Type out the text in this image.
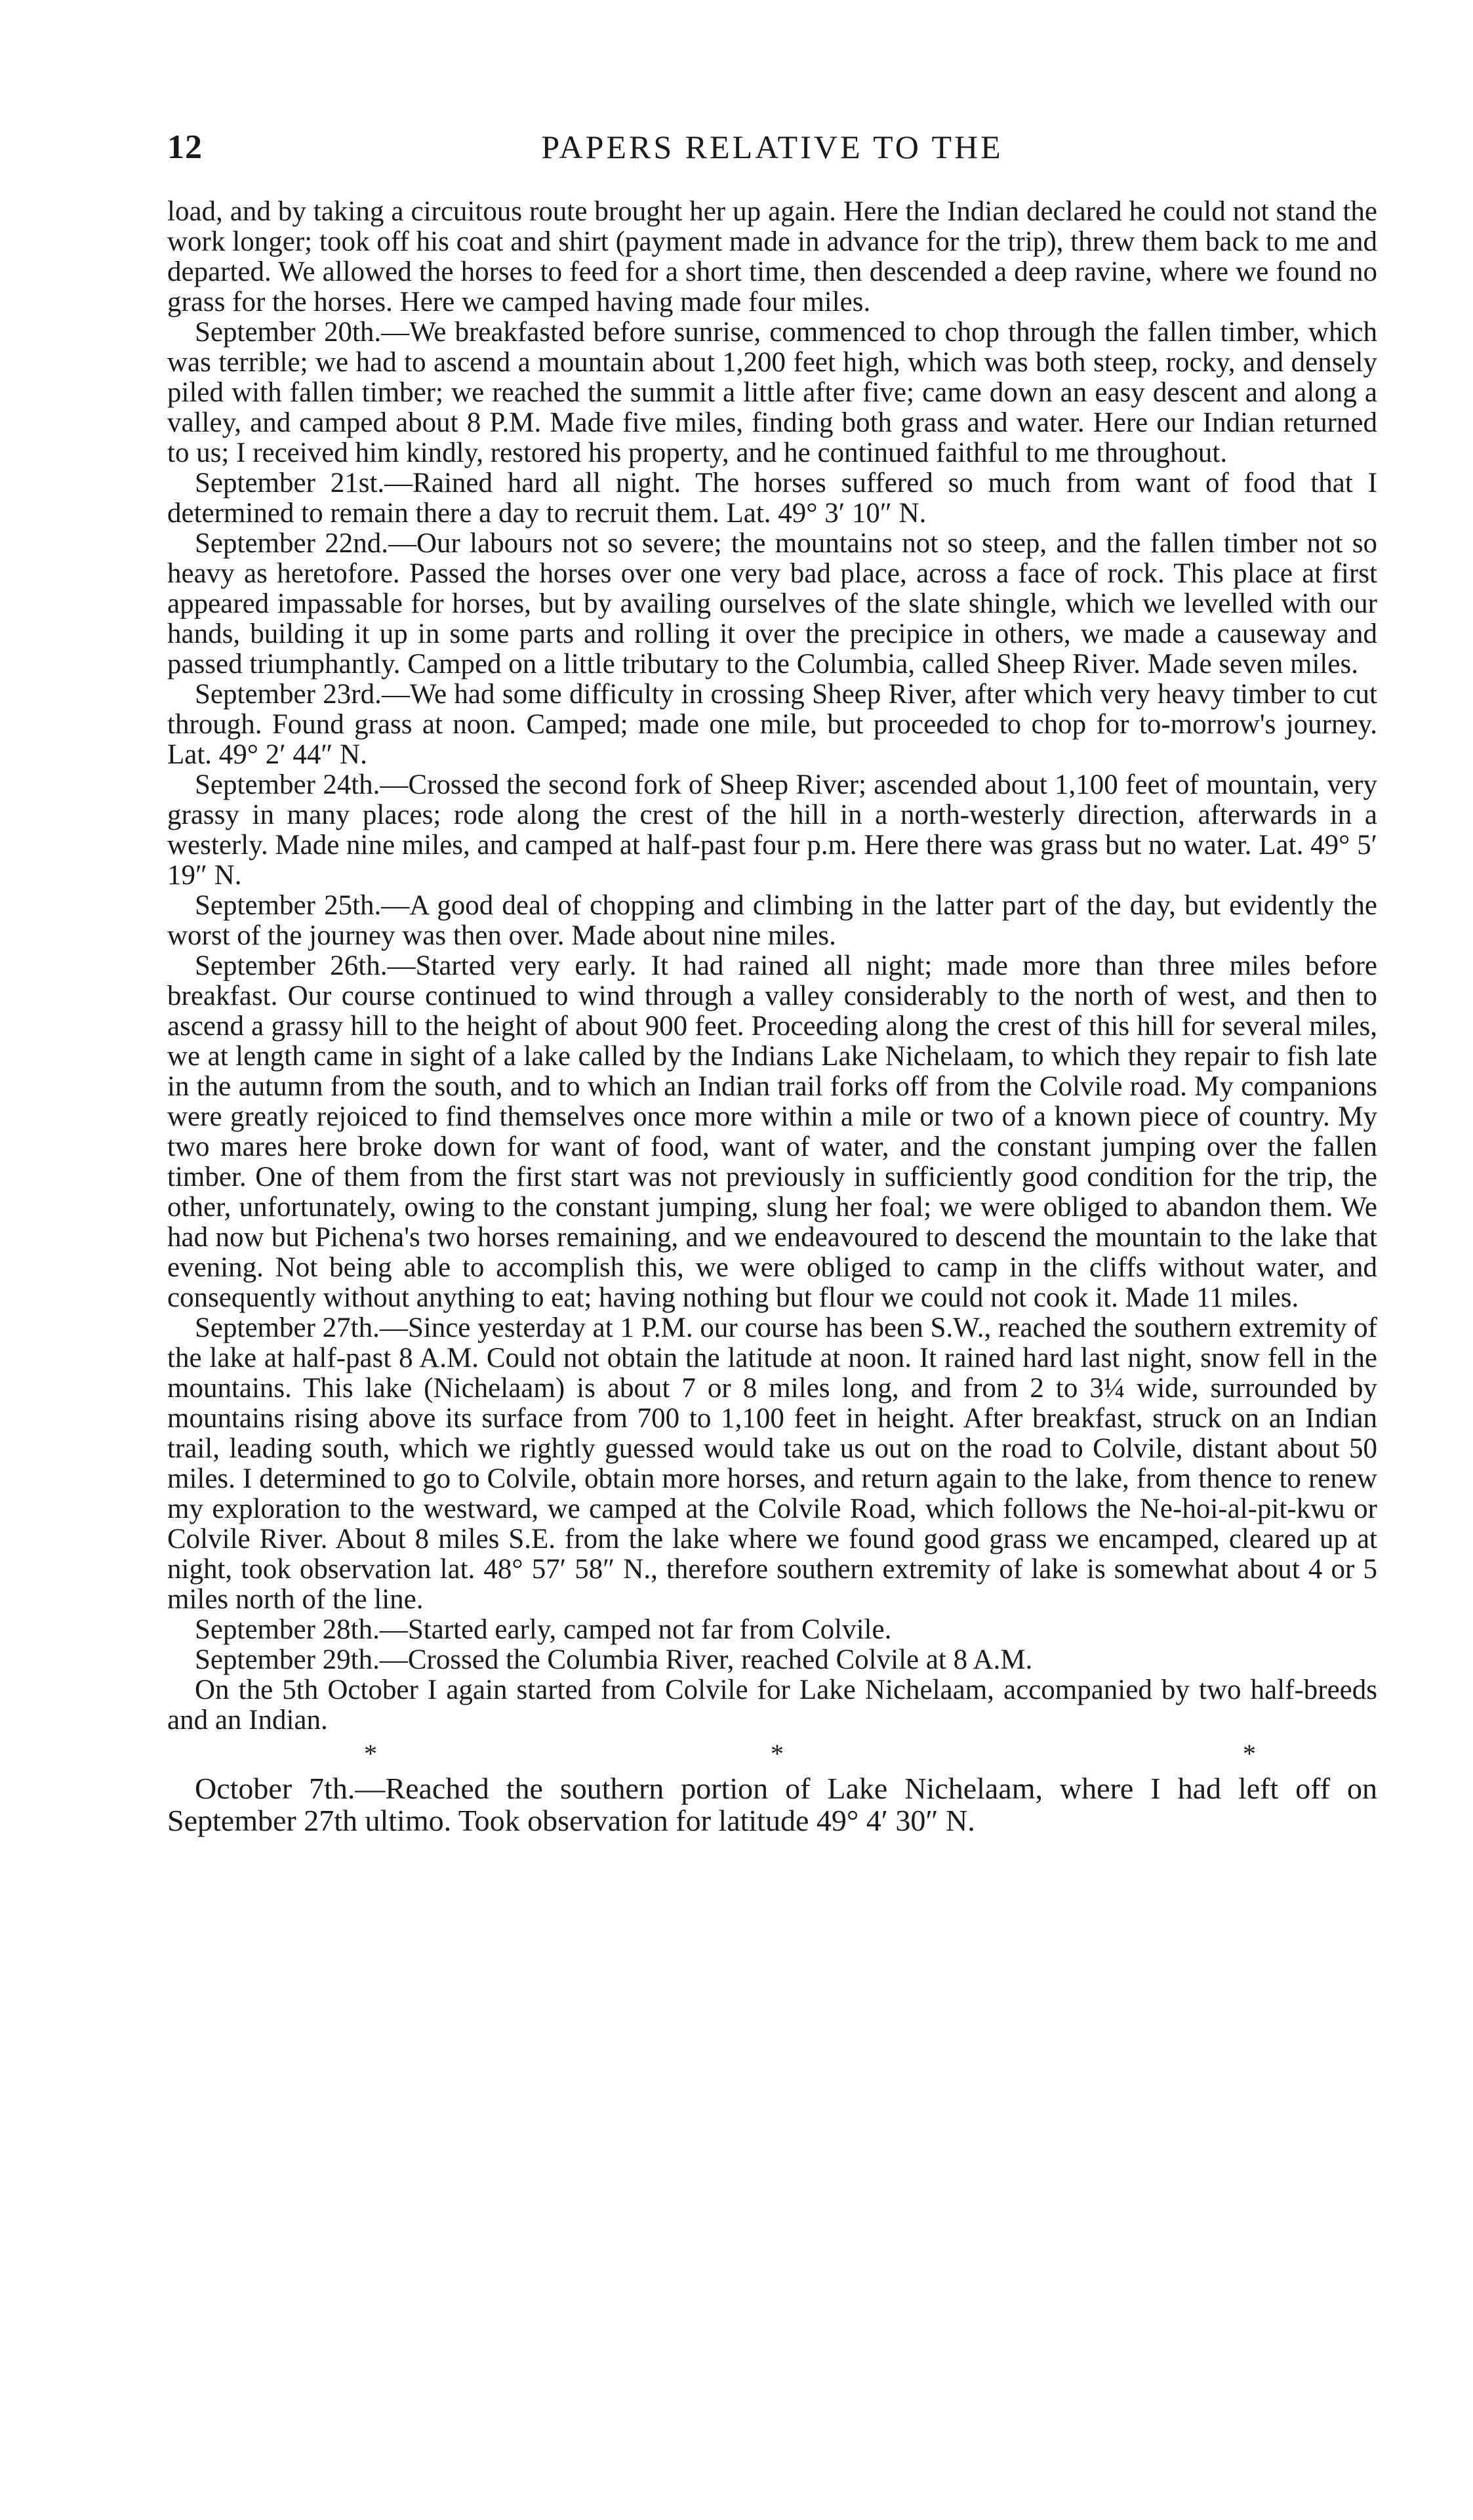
12	PAPERS RELATIVE TO THE

load, and by taking a circuitous route brought her up again. Here the Indian declared he could not stand the work longer; took off his coat and shirt (payment made in advance for the trip), threw them back to me and departed. We allowed the horses to feed for a short time, then descended a deep ravine, where we found no grass for the horses. Here we camped having made four miles.

September 20th.—We breakfasted before sunrise, commenced to chop through the fallen timber, which was terrible; we had to ascend a mountain about 1,200 feet high, which was both steep, rocky, and densely piled with fallen timber; we reached the summit a little after five; came down an easy descent and along a valley, and camped about 8 P.M. Made five miles, finding both grass and water. Here our Indian returned to us; I received him kindly, restored his property, and he continued faithful to me throughout.

September 21st.—Rained hard all night. The horses suffered so much from want of food that I determined to remain there a day to recruit them. Lat. 49° 3′ 10″ N.

September 22nd.—Our labours not so severe; the mountains not so steep, and the fallen timber not so heavy as heretofore. Passed the horses over one very bad place, across a face of rock. This place at first appeared impassable for horses, but by availing ourselves of the slate shingle, which we levelled with our hands, building it up in some parts and rolling it over the precipice in others, we made a causeway and passed triumphantly. Camped on a little tributary to the Columbia, called Sheep River. Made seven miles.

September 23rd.—We had some difficulty in crossing Sheep River, after which very heavy timber to cut through. Found grass at noon. Camped; made one mile, but proceeded to chop for to-morrow's journey. Lat. 49° 2′ 44″ N.

September 24th.—Crossed the second fork of Sheep River; ascended about 1,100 feet of mountain, very grassy in many places; rode along the crest of the hill in a north-westerly direction, afterwards in a westerly. Made nine miles, and camped at half-past four p.m. Here there was grass but no water. Lat. 49° 5′ 19″ N.

September 25th.—A good deal of chopping and climbing in the latter part of the day, but evidently the worst of the journey was then over. Made about nine miles.

September 26th.—Started very early. It had rained all night; made more than three miles before breakfast. Our course continued to wind through a valley considerably to the north of west, and then to ascend a grassy hill to the height of about 900 feet. Proceeding along the crest of this hill for several miles, we at length came in sight of a lake called by the Indians Lake Nichelaam, to which they repair to fish late in the autumn from the south, and to which an Indian trail forks off from the Colvile road. My companions were greatly rejoiced to find themselves once more within a mile or two of a known piece of country. My two mares here broke down for want of food, want of water, and the constant jumping over the fallen timber. One of them from the first start was not previously in sufficiently good condition for the trip, the other, unfortunately, owing to the constant jumping, slung her foal; we were obliged to abandon them. We had now but Pichena's two horses remaining, and we endeavoured to descend the mountain to the lake that evening. Not being able to accomplish this, we were obliged to camp in the cliffs without water, and consequently without anything to eat; having nothing but flour we could not cook it. Made 11 miles.

September 27th.—Since yesterday at 1 P.M. our course has been S.W., reached the southern extremity of the lake at half-past 8 A.M. Could not obtain the latitude at noon. It rained hard last night, snow fell in the mountains. This lake (Nichelaam) is about 7 or 8 miles long, and from 2 to 3¼ wide, surrounded by mountains rising above its surface from 700 to 1,100 feet in height. After breakfast, struck on an Indian trail, leading south, which we rightly guessed would take us out on the road to Colvile, distant about 50 miles. I determined to go to Colvile, obtain more horses, and return again to the lake, from thence to renew my exploration to the westward, we camped at the Colvile Road, which follows the Ne-hoi-al-pit-kwu or Colvile River. About 8 miles S.E. from the lake where we found good grass we encamped, cleared up at night, took observation lat. 48° 57′ 58″ N., therefore southern extremity of lake is somewhat about 4 or 5 miles north of the line.

September 28th.—Started early, camped not far from Colvile.

September 29th.—Crossed the Columbia River, reached Colvile at 8 A.M.

On the 5th October I again started from Colvile for Lake Nichelaam, accompanied by two half-breeds and an Indian.

*	*	*

October 7th.—Reached the southern portion of Lake Nichelaam, where I had left off on September 27th ultimo. Took observation for latitude 49° 4′ 30″ N.
